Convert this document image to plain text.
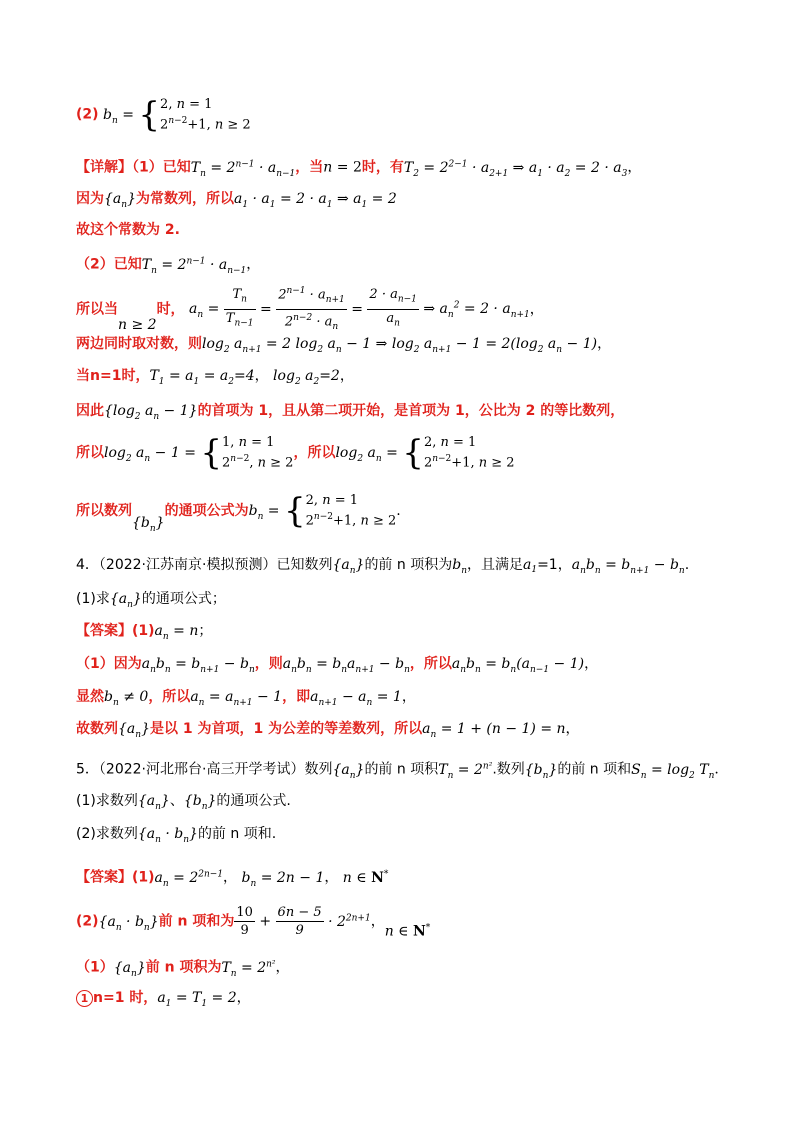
(2) $b_n = \{2$, n = 1
$2^{n-2}+1$, n ≥ 2
【详解】（1）已知$T_n = 2^{n-1} \cdot a_{n-1}$，当n = 2时，有$T_2 = 2^{2-1} \cdot a_{2+1}$ ⇒ $a_1 \cdot a_2 = 2 \cdot a_3$，
因为$\{a_n\}$为常数列，所以$a_1 \cdot a_1 = 2 \cdot a_1$ ⇒ $a_1 = 2$
故这个常数为 2.
（2）已知$T_n = 2^{n-1} \cdot a_{n-1}$，
所以当n ≥ 2时， $a_n = \frac{T_n}{T_{n-1}} = \frac{2^{n-1} \cdot a_{n+1}}{2^{n-2} \cdot a_n} = \frac{2 \cdot a_{n-1}}{a_n}$ ⇒ $a_n^2 = 2 \cdot a_{n+1}$，
两边同时取对数，则$\log_2 a_{n+1} = 2$ $\log_2 a_n - 1$ ⇒ $\log_2 a_{n+1} - 1 = 2(\log_2$ $a_n - 1$)，
当n=1时，$T_1 = a_1 = a_2=4$， $\log_2 a_2=2$，
因此{$\log_2$ $a_n - 1$}的首项为 1，且从第二项开始，是首项为 1，公比为 2 的等比数列，
所以$\log_2 a_n - 1 = \{1$, n = 1
$2^{n-2}$, n ≥ 2，所以$\log_2 a_n = \{2$, n = 1
$2^{n-2}+1$, n ≥ 2
所以数列$\{b_n\}$的通项公式为$b_n = \{2$, n = 1
$2^{n-2}+1$, n ≥ 2.
4．（2022·江苏南京·模拟预测）已知数列$\{a_n\}$的前 n 项积为$b_n$，且满足$a_1=1$，$a_nb_n = b_{n+1} - b_n$.
(1)求$\{a_n\}$的通项公式；
【答案】$(1)a_n = n$；
（1）因为$a_nb_n = b_{n+1} - b_n$，则$a_nb_n = b_na_{n+1} - b_n$，所以$a_nb_n = b_n(a_{n-1} - 1)$，
显然$b_n \ne 0$，所以$a_n = a_{n+1} - 1$，即$a_{n+1} - a_n = 1$，
故数列$\{a_n\}$是以 1 为首项，1 为公差的等差数列，所以$a_n = 1 + (n - 1) = n$，
5．（2022·河北邢台·高三开学考试）数列$\{a_n\}$的前 n 项积$T_n = 2^{n^2}$.数列$\{b_n\}$的前 n 项和$S_n = \log_2 T_n$.
(1)求数列$\{a_n\}$、$\{b_n\}$的通项公式.
(2)求数列$\{a_n \cdot b_n\}$的前 n 项和.
【答案】$(1)a_n = 2^{2n-1}$， $b_n = 2n - 1$， n ∈ N*
$(2)\{a_n \cdot b_n\}$前 n 项和为 $\frac{10}{9} + \frac{6n - 5}{9} \cdot 2^{2n+1}$，n ∈ N*
$(1)\{a_n\}$前 n 项积为$T_n = 2^{n^2}$，
1 n=1 时，$a_1 = T_1 = 2$，
